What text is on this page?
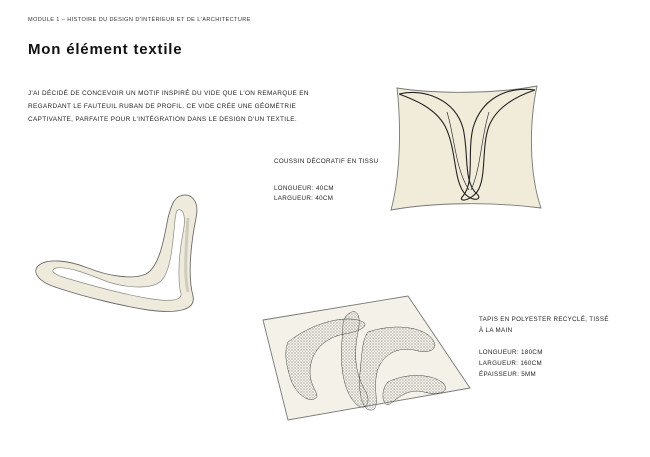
MODULE 1 – HISTOIRE DU DESIGN D'INTÉRIEUR ET DE L'ARCHITECTURE
Mon élément textile

J'AI DÉCIDÉ DE CONCEVOIR UN MOTIF INSPIRÉ DU VIDE QUE L'ON REMARQUE EN REGARDANT LE FAUTEUIL RUBAN DE PROFIL. CE VIDE CRÉE UNE GÉOMÉTRIE CAPTIVANTE, PARFAITE POUR L'INTÉGRATION DANS LE DESIGN D'UN TEXTILE.

COUSSIN DÉCORATIF EN TISSU

LONGUEUR: 40CM

LARGUEUR: 40CM

TAPIS EN POLYESTER RECYCLÉ, TISSÉ À LA MAIN

LONGUEUR: 180CM

LARGUEUR: 160CM

ÉPAISSEUR: 5MM
